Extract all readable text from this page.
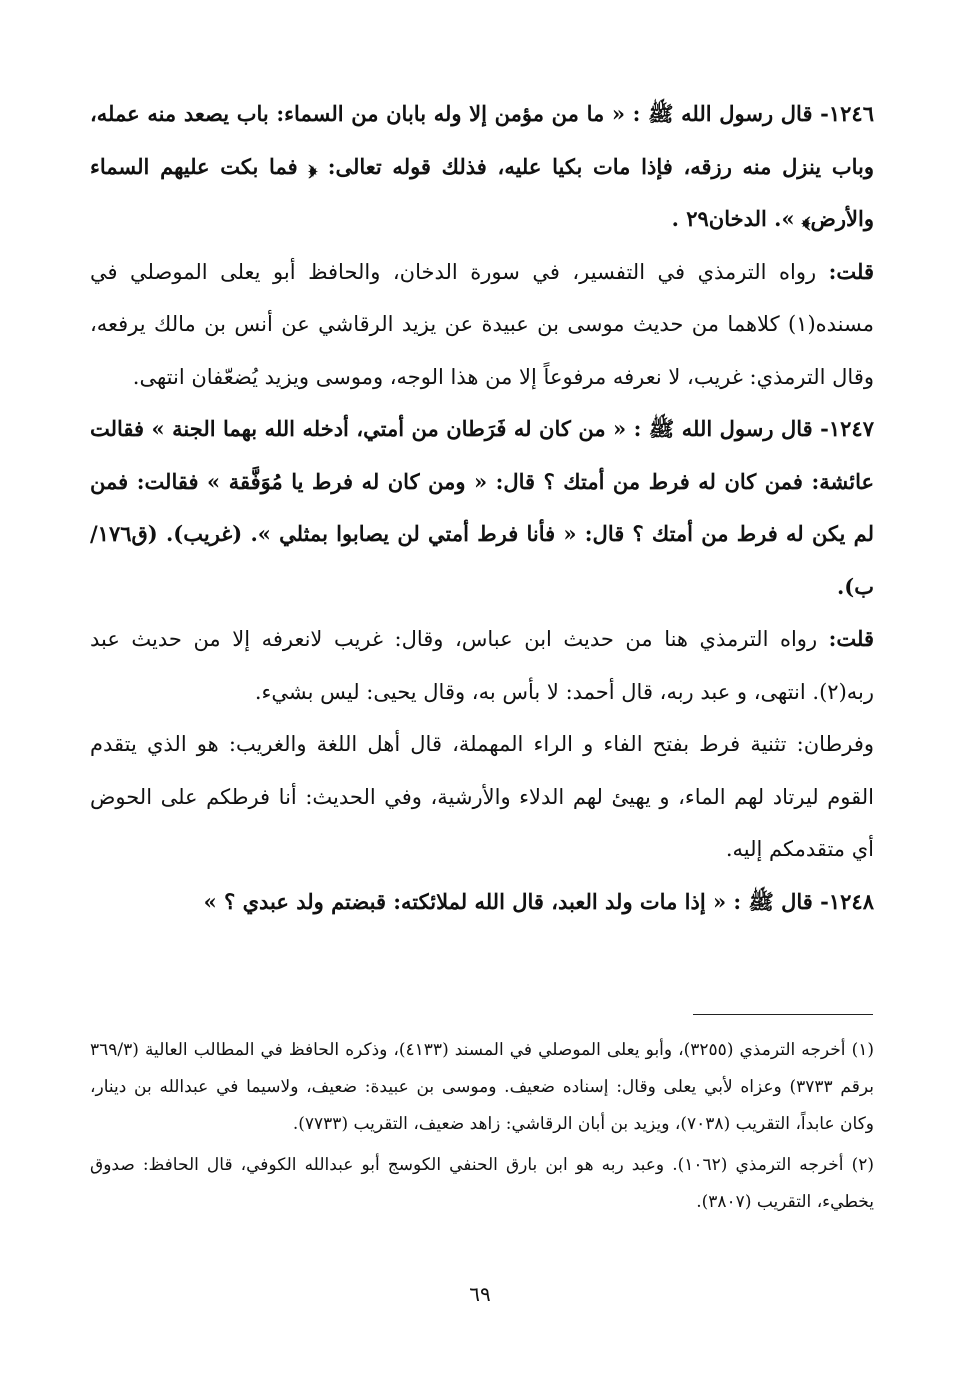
١٢٤٦- قال رسول الله ﷺ : « ما من مؤمن إلا وله بابان من السماء: باب يصعد منه عمله، وباب ينزل منه رزقه، فإذا مات بكيا عليه، فذلك قوله تعالى: ﴿ فما بكت عليهم السماء والأرض﴾ ». الدخان٢٩ .

قلت: رواه الترمذي في التفسير، في سورة الدخان، والحافظ أبو يعلى الموصلي في مسنده(١) كلاهما من حديث موسى بن عبيدة عن يزيد الرقاشي عن أنس بن مالك يرفعه، وقال الترمذي: غريب، لا نعرفه مرفوعاً إلا من هذا الوجه، وموسى ويزيد يُضعّفان انتهى.

١٢٤٧- قال رسول الله ﷺ : « من كان له فَرَطان من أمتي، أدخله الله بهما الجنة » فقالت عائشة: فمن كان له فرط من أمتك ؟ قال: « ومن كان له فرط يا مُوَفَّقة » فقالت: فمن لم يكن له فرط من أمتك ؟ قال: « فأنا فرط أمتي لن يصابوا بمثلي ». (غريب). (ق١٧٦/ب).

قلت: رواه الترمذي هنا من حديث ابن عباس، وقال: غريب لانعرفه إلا من حديث عبد ربه(٢). انتهى، و عبد ربه، قال أحمد: لا بأس به، وقال يحيى: ليس بشيء.

وفرطان: تثنية فرط بفتح الفاء و الراء المهملة، قال أهل اللغة والغريب: هو الذي يتقدم القوم ليرتاد لهم الماء، و يهيئ لهم الدلاء والأرشية، وفي الحديث: أنا فرطكم على الحوض أي متقدمكم إليه.

١٢٤٨- قال ﷺ : « إذا مات ولد العبد، قال الله لملائكته: قبضتم ولد عبدي ؟ »

(١) أخرجه الترمذي (٣٢٥٥)، وأبو يعلى الموصلي في المسند (٤١٣٣)، وذكره الحافظ في المطالب العالية (٣٦٩/٣ برقم ٣٧٣٣) وعزاه لأبي يعلى وقال: إسناده ضعيف. وموسى بن عبيدة: ضعيف، ولاسيما في عبدالله بن دينار، وكان عابداً، التقريب (٧٠٣٨)، ويزيد بن أبان الرقاشي: زاهد ضعيف، التقريب (٧٧٣٣).

(٢) أخرجه الترمذي (١٠٦٢). وعبد ربه هو ابن بارق الحنفي الكوسج أبو عبدالله الكوفي، قال الحافظ: صدوق يخطيء، التقريب (٣٨٠٧).

٦٩
